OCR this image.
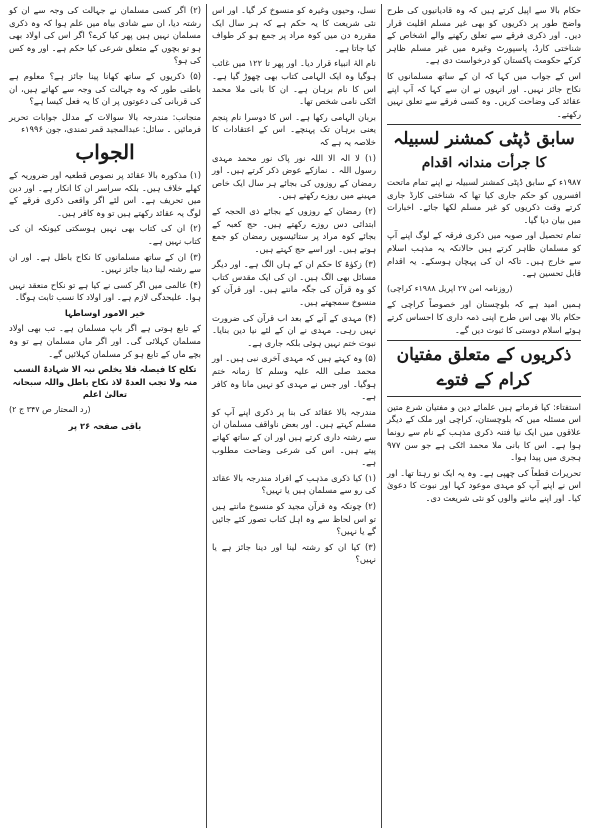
(۲) اگر کسی مسلمان نے جہالت کی وجہ سے ان کو رشتہ دیا، ان سے شادی بیاہ میں علم ہوا کہ وہ ذکری مسلمان نہیں ہیں پھر کیا کرے؟ اگر اس کی اولاد بھی ہو تو بچوں کے متعلق شرعی کیا حکم ہے۔ اور وہ کس کی ہو؟

(۵) ذکریوں کے ساتھ کھانا پینا جائز ہے؟ معلوم ہے باطنی طور کہ وہ جہالت کی وجہ سے کھاتے ہیں، ان کی قربانی کی دعوتوں پر ان کا یہ فعل کیسا ہے؟

منجانب: مندرجہ بالا سوالات کے مدلل جوابات تحریر فرمائیں ۔ سائل: عبدالمجید قمر تمندی، جون ۱۹۹۶ء

الجواب

(۱) مذکورہ بالا عقائد پر نصوص قطعیہ اور ضروریہ کے کھلے خلاف ہیں۔ بلکہ سراسر ان کا انکار ہے۔ اور دین میں تحریف ہے۔ اس لئے اگر واقعی ذکری فرقے کے لوگ یہ عقائد رکھتے ہیں تو وہ کافر ہیں۔

(۲) ان کی کتاب بھی نہیں ہوسکتی کیونکہ ان کی کتاب نہیں ہے۔

(۳) ان کے ساتھ مسلمانوں کا نکاح باطل ہے۔ اور ان سے رشتہ لینا دینا جائز نہیں۔

(۴) عالمی میں اگر کسی نے کیا ہے تو نکاح منعقد نہیں ہوا۔ علیحدگی لازم ہے۔ اور اولاد کا نسب ثابت ہوگا۔

خیر الامور اوساطہا

کے تابع ہوتی ہے اگر باپ مسلمان ہے۔ تب بھی اولاد مسلمان کہلائی گی۔ اور اگر ماں مسلمان ہے تو وہ بچے ماں کے تابع ہو کر مسلمان کہلائیں گے۔

تکلح کا فیصلہ فلا یخلص نبہ الا شہادۃ النسب منہ ولا تجب العدۃ لاذ نکاح باطل واللہ سبحانہ تعالیٰ اعلم

(رد المحتار ص ۳۴۷ ج ۲)

باقی صفحہ ۲۶ پر

نسل، وحیوں وغیرہ کو منسوخ کر گیا۔ اور اس نئی شریعت کا یہ حکم ہے کہ ہر سال ایک مقررہ دن میں کوہ مراد پر جمع ہو کر طواف کیا جاتا ہے۔

نام الہٰ انبیاء قرار دیا۔ اور پھر تا ۱۲۲ میں غائب ہوگیا وہ ایک الہامی کتاب بھی چھوڑ گیا ہے۔ اس کا نام برہان ہے۔ ان کا بانی ملا محمد اٹکی نامی شخص تھا۔

بربان الہامی رکھا ہے۔ اس کا دوسرا نام پنجم یعنی برہان تک پہنچے۔ اس کے اعتقادات کا خلاصہ یہ ہے کہ

(۱) لا الہ الا اللہ نور پاک نور محمد مہدی رسول اللہ ۔ نمازکے عوض ذکر کرتے ہیں۔ اور رمضان کے روزوں کی بجائے ہر سال ایک خاص مہینے میں روزے رکھتے ہیں۔

(۲) رمضان کے روزوں کے بجائے ذی الحجہ کے ابتدائی دس روزے رکھتے ہیں۔ حج کعبہ کے بجائے کوہ مراد پر ستائیسویں رمضان کو جمع ہوتے ہیں۔ اور اسے حج کہتے ہیں۔

(۳) زکوٰۃ کا حکم ان کے ہاں الگ ہے۔ اور دیگر مسائل بھی الگ ہیں۔ ان کی ایک مقدس کتاب کو وہ قرآن کی جگہ مانتے ہیں۔ اور قرآن کو منسوخ سمجھتے ہیں۔

(۴) مہدی کے آنے کے بعد اب قرآن کی ضرورت نہیں رہی۔ مہدی نے ان کے لئے نیا دین بنایا۔ نبوت ختم نہیں ہوئی بلکہ جاری ہے۔

(۵) وہ کہتے ہیں کہ مہدی آخری نبی ہیں۔ اور محمد صلی اللہ علیہ وسلم کا زمانہ ختم ہوگیا۔ اور جس نے مہدی کو نہیں مانا وہ کافر ہے۔

مندرجہ بالا عقائد کی بنا پر ذکری اپنے آپ کو مسلم کہتے ہیں۔ اور بعض ناواقف مسلمان ان سے رشتہ داری کرتے ہیں اور ان کے ساتھ کھاتے پیتے ہیں۔ اس کی شرعی وضاحت مطلوب ہے۔

(۱) کیا ذکری مذہب کے افراد مندرجہ بالا عقائد کی رو سے مسلمان ہیں یا نہیں؟

(۲) چونکہ وہ قرآن مجید کو منسوخ مانتے ہیں تو اس لحاظ سے وہ اہل کتاب تصور کئے جائیں گے یا نہیں؟

(۳) کیا ان کو رشتہ لینا اور دینا جائز ہے یا نہیں؟

حکام بالا سے اپیل کرتے ہیں کہ وہ قادیانیوں کی طرح واضح طور پر ذکریوں کو بھی غیر مسلم اقلیت قرار دیں۔ اور ذکری فرقے سے تعلق رکھنے والے اشخاص کے شناختی کارڈ، پاسپورٹ وغیرہ میں غیر مسلم ظاہر کرکے حکومت پاکستان کو درخواست دی ہے۔

اس کے جواب میں کہا کہ ان کے ساتھ مسلمانوں کا نکاح جائز نہیں۔ اور انہوں نے ان سے کہا کہ آپ اپنے عقائد کی وضاحت کریں۔ وہ کسی فرقے سے تعلق نہیں رکھتے۔

سابق ڈپٹی کمشنر لسبیلہ
کا جرأت مندانہ اقدام

۱۹۸۷ء کے سابق ڈپٹی کمشنر لسبیلہ نے اپنے تمام ماتحت افسروں کو حکم جاری کیا تھا کہ شناختی کارڈ جاری کرتے وقت ذکریوں کو غیر مسلم لکھا جائے۔ اخبارات میں بیان دیا گیا۔

تمام تحصیل اور صوبہ میں ذکری فرقہ کے لوگ اپنے آپ کو مسلمان ظاہر کرتے ہیں حالانکہ یہ مذہب اسلام سے خارج ہیں۔ تاکہ ان کی پہچان ہوسکے۔ یہ اقدام قابل تحسین ہے۔

(روزنامہ امن ۲۷ اپریل ۱۹۸۸ء کراچی)

ہمیں امید ہے کہ بلوچستان اور خصوصاً کراچی کے حکام بالا بھی اس طرح اپنی ذمہ داری کا احساس کرتے ہوئے اسلام دوستی کا ثبوت دیں گے۔

ذکریوں کے متعلق مفتیان
کرام کے فتوے

استفتاء: کیا فرماتے ہیں علمائے دین و مفتیان شرع متین اس مسئلہ میں کہ بلوچستان، کراچی اور ملک کے دیگر علاقوں میں ایک نیا فتنہ ذکری مذہب کے نام سے رونما ہوا ہے۔ اس کا بانی ملا محمد اٹکی ہے جو سن ۹۷۷ ہجری میں پیدا ہوا۔

تحریرات قطعاً کی چھپی ہے۔ وہ یہ ایک نو رہتا تھا۔ اور اس نے اپنے آپ کو مہدی موعود کہا اور نبوت کا دعویٰ کیا۔ اور اپنے ماننے والوں کو نئی شریعت دی۔
